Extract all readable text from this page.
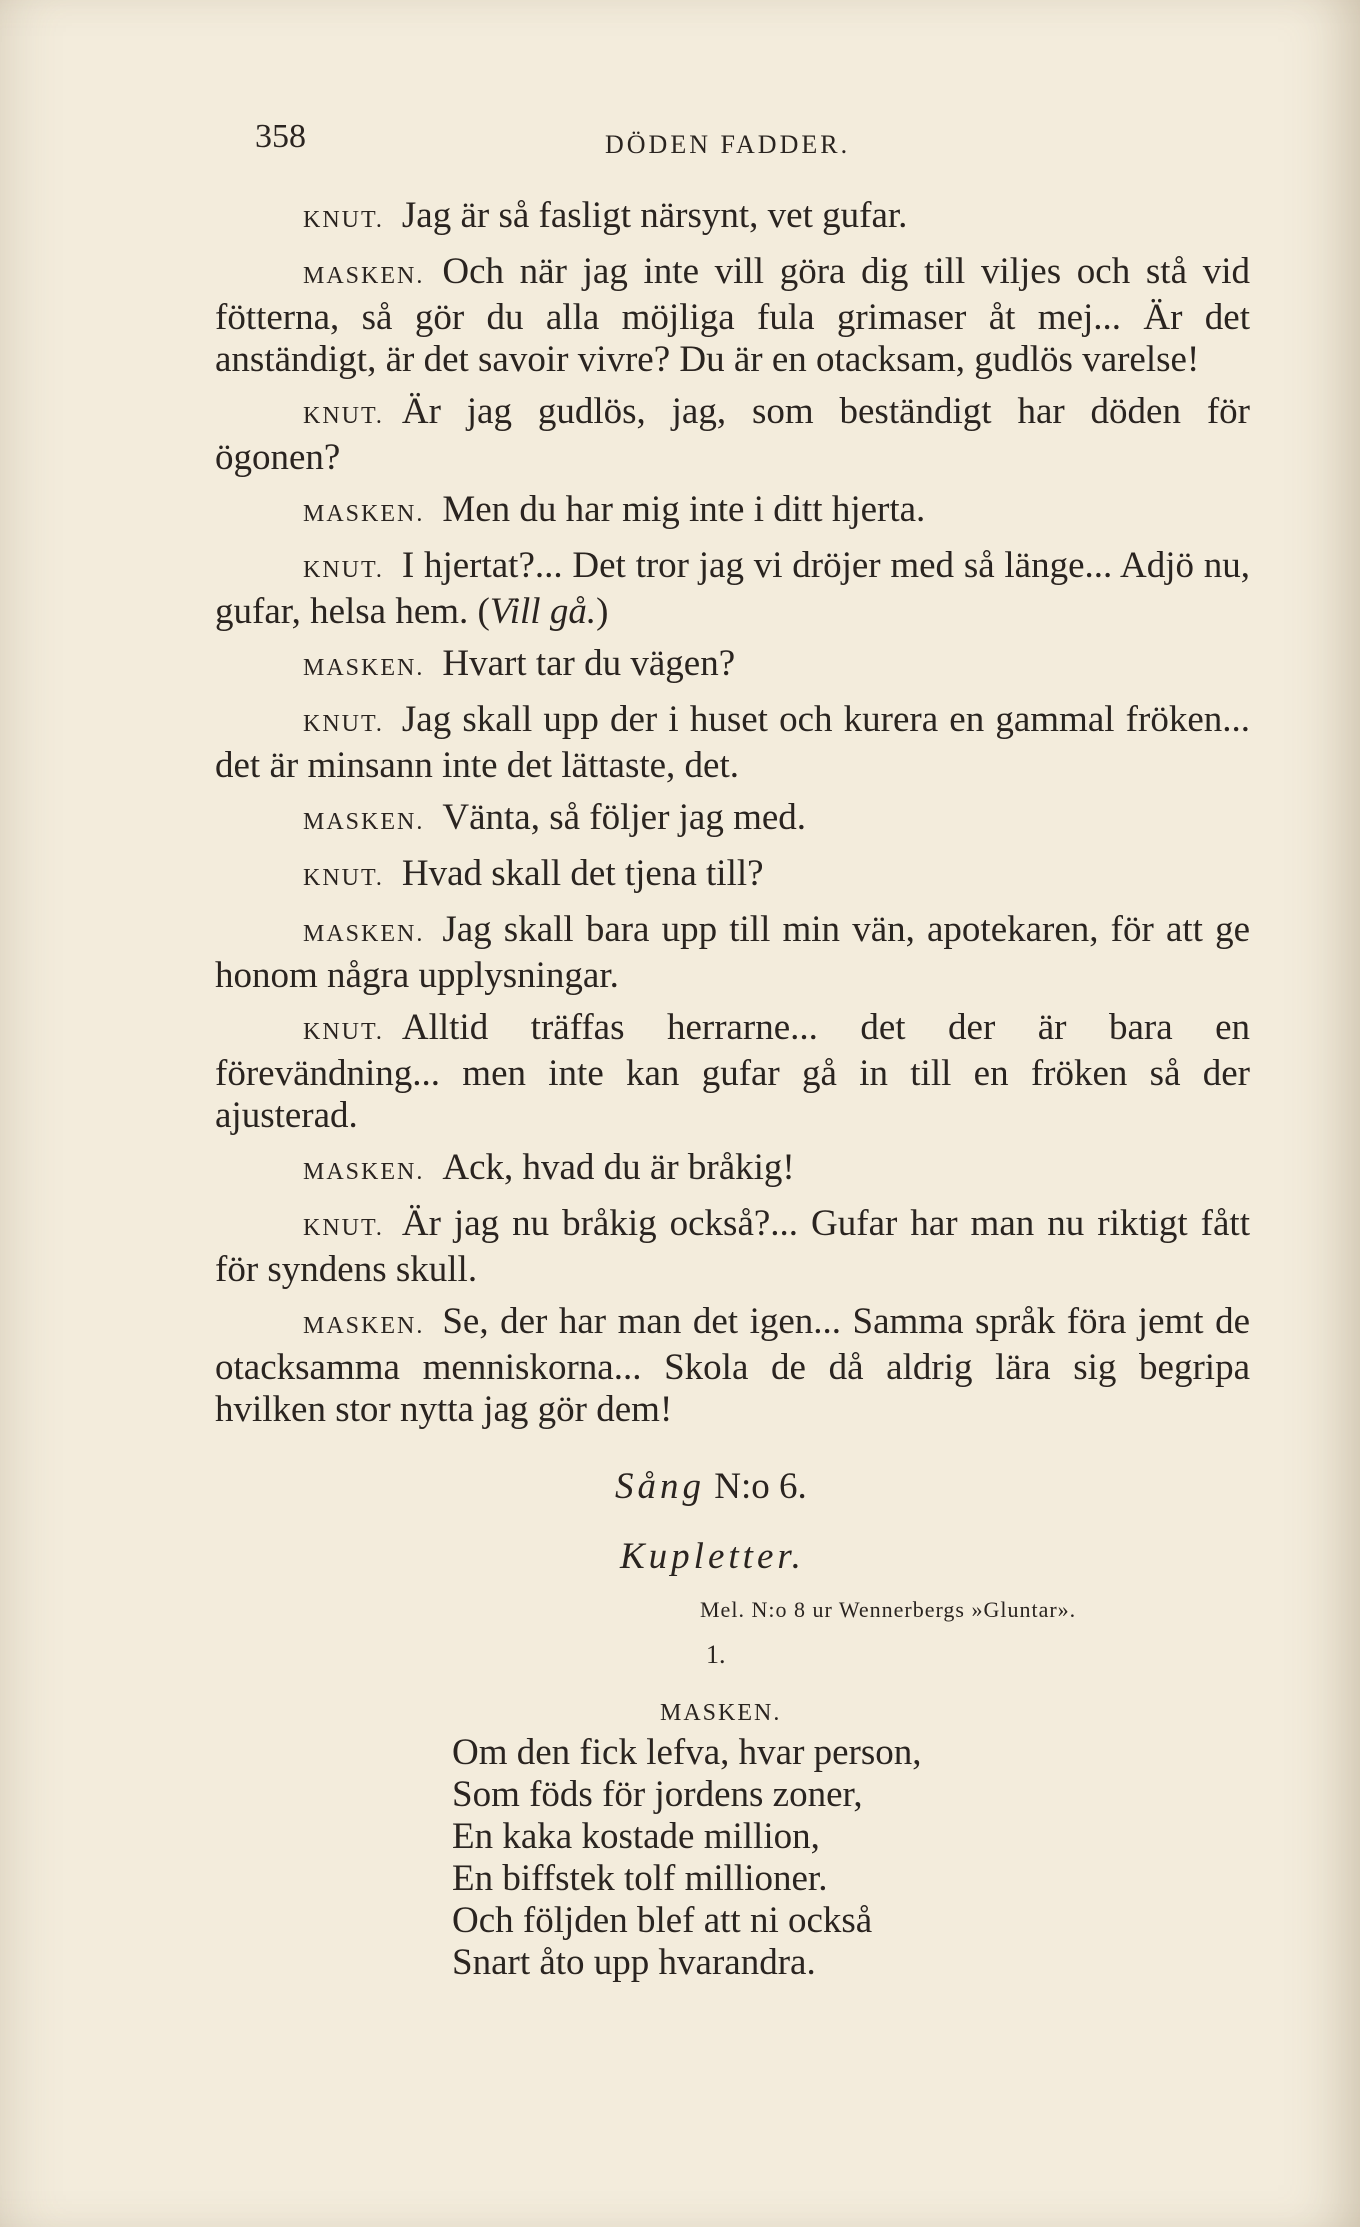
358	DÖDEN FADDER.

KNUT. Jag är så fasligt närsynt, vet gufar.

MASKEN. Och när jag inte vill göra dig till viljes och stå vid fötterna, så gör du alla möjliga fula grimaser åt mej... Är det anständigt, är det savoir vivre? Du är en otacksam, gudlös varelse!

KNUT. Är jag gudlös, jag, som beständigt har döden för ögonen?

MASKEN. Men du har mig inte i ditt hjerta.

KNUT. I hjertat?... Det tror jag vi dröjer med så länge... Adjö nu, gufar, helsa hem. (Vill gå.)

MASKEN. Hvart tar du vägen?

KNUT. Jag skall upp der i huset och kurera en gammal fröken... det är minsann inte det lättaste, det.

MASKEN. Vänta, så följer jag med.

KNUT. Hvad skall det tjena till?

MASKEN. Jag skall bara upp till min vän, apotekaren, för att ge honom några upplysningar.

KNUT. Alltid träffas herrarne... det der är bara en förevändning... men inte kan gufar gå in till en fröken så der ajusterad.

MASKEN. Ack, hvad du är bråkig!

KNUT. Är jag nu bråkig också?... Gufar har man nu riktigt fått för syndens skull.

MASKEN. Se, der har man det igen... Samma språk föra jemt de otacksamma menniskorna... Skola de då aldrig lära sig begripa hvilken stor nytta jag gör dem!

Sång N:o 6.
Kupletter.
Mel. N:o 8 ur Wennerbergs »Gluntar».
1.
MASKEN.

Om den fick lefva, hvar person,

Som föds för jordens zoner,

En kaka kostade million,

En biffstek tolf millioner.

Och följden blef att ni också

Snart åto upp hvarandra.
